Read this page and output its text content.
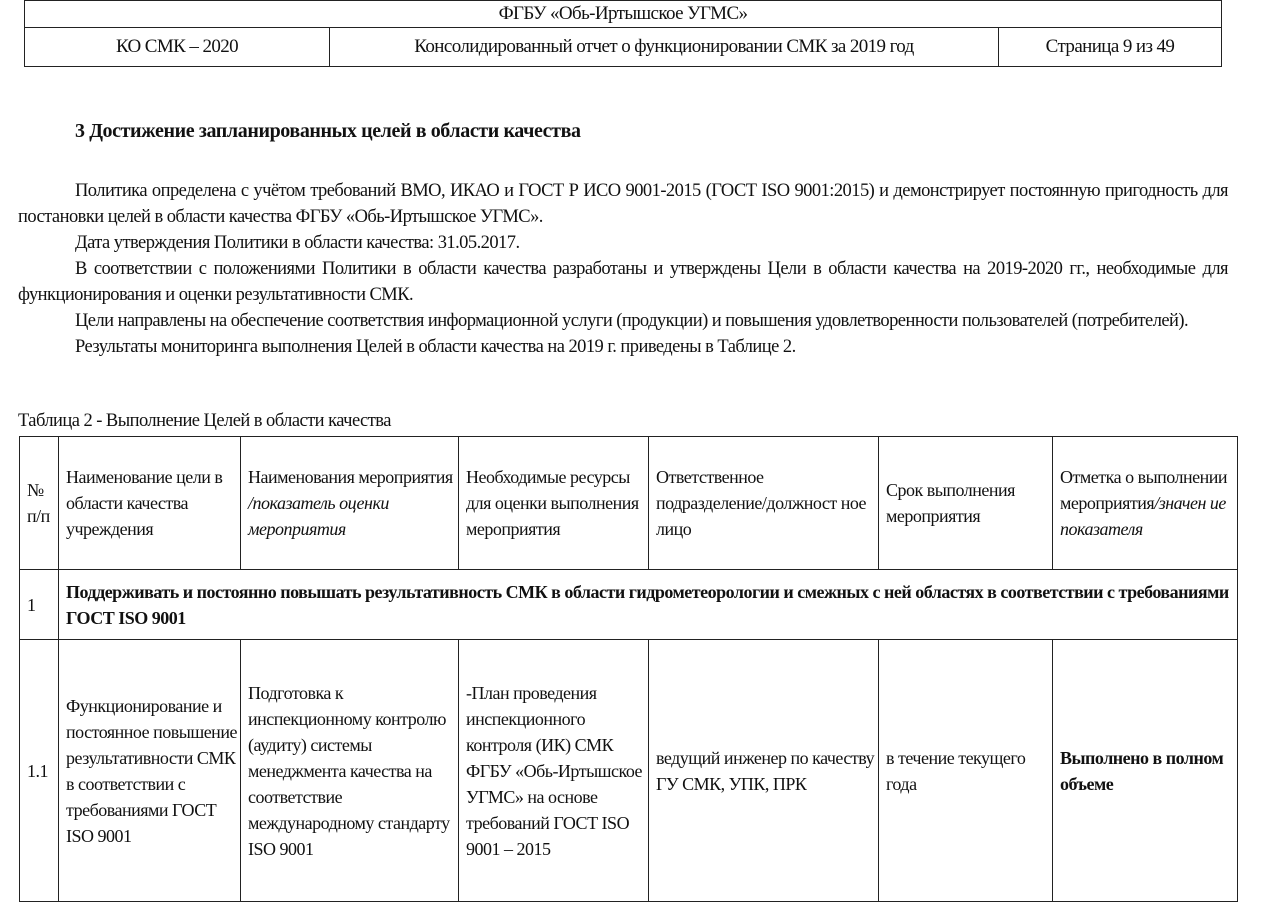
ФГБУ «Обь-Иртышское УГМС»
КО СМК – 2020	Консолидированный отчет о функционировании СМК за 2019 год	Страница 9 из 49
3 Достижение запланированных целей в области качества

Политика определена с учётом требований ВМО, ИКАО и ГОСТ Р ИСО 9001-2015 (ГОСТ ISO 9001:2015) и демонстрирует постоянную пригодность для постановки целей в области качества ФГБУ «Обь-Иртышское УГМС».

Дата утверждения Политики в области качества: 31.05.2017.

В соответствии с положениями Политики в области качества разработаны и утверждены Цели в области качества на 2019-2020 гг., необходимые для функционирования и оценки результативности СМК.

Цели направлены на обеспечение соответствия информационной услуги (продукции) и повышения удовлетворенности пользователей (потребителей).

Результаты мониторинга выполнения Целей в области качества на 2019 г. приведены в Таблице 2.

Таблица 2 - Выполнение Целей в области качества
№ п/п	Наименование цели в области качества учреждения	Наименования мероприятия /показатель оценки мероприятия	Необходимые ресурсы для оценки выполнения мероприятия	Ответственное подразделение/должност ное лицо	Срок выполнения мероприятия	Отметка о выполнении мероприятия/значен ие показателя
1	Поддерживать и постоянно повышать результативность СМК в области гидрометеорологии и смежных с ней областях в соответствии с требованиями ГОСТ ISO 9001					
1.1	Функционирование и постоянное повышение результативности СМК в соответствии с требованиями ГОСТ ISO 9001	Подготовка к инспекционному контролю (аудиту) системы менеджмента качества на соответствие международному стандарту ISO 9001	-План проведения инспекционного контроля (ИК) СМК ФГБУ «Обь-Иртышское УГМС» на основе требований ГОСТ ISO 9001 – 2015	ведущий инженер по качеству ГУ СМК, УПК, ПРК	в течение текущего года	Выполнено в полном объеме
